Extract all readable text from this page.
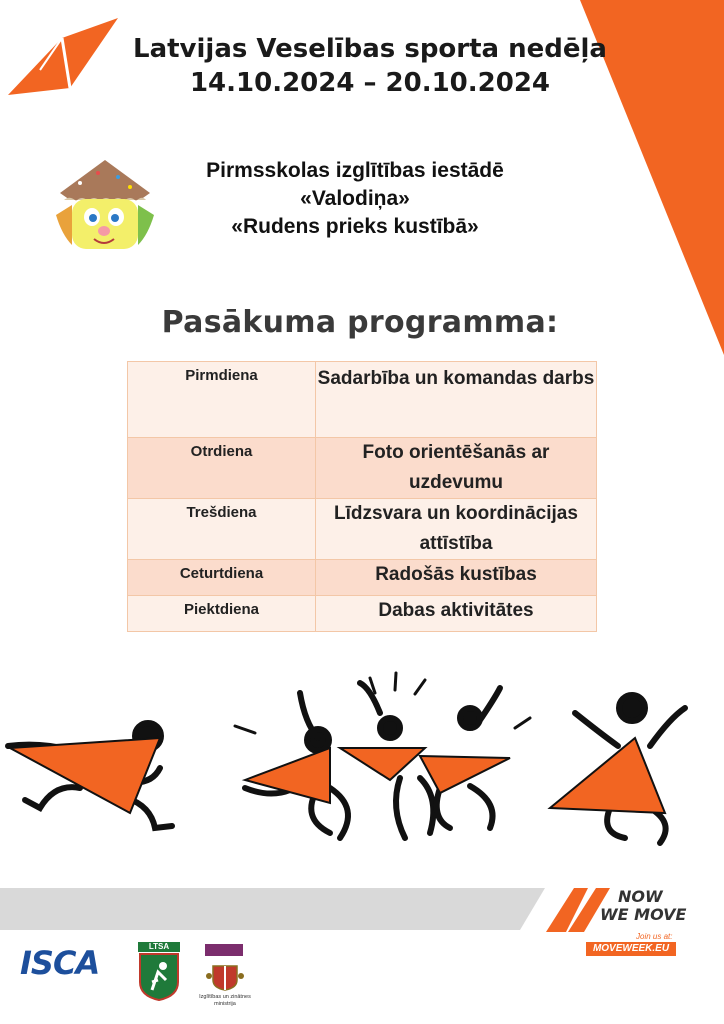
Latvijas Veselības sporta nedēļa
14.10.2024 – 20.10.2024
Pirmsskolas izglītības iestādē
«Valodiņa»
«Rudens prieks kustībā»
Pasākuma programma:
Pirmdiena	Sadarbība un komandas darbs
Otrdiena	Foto orientēšanās ar uzdevumu
Trešdiena	Līdzsvara un koordinācijas attīstība
Ceturtdiena	Radošās kustības
Piektdiena	Dabas aktivitātes
NOW
WE MOVE
Join us at:
MOVEWEEK.EU
ISCA	LTSA
Izglītības un zinātnes
ministrija
